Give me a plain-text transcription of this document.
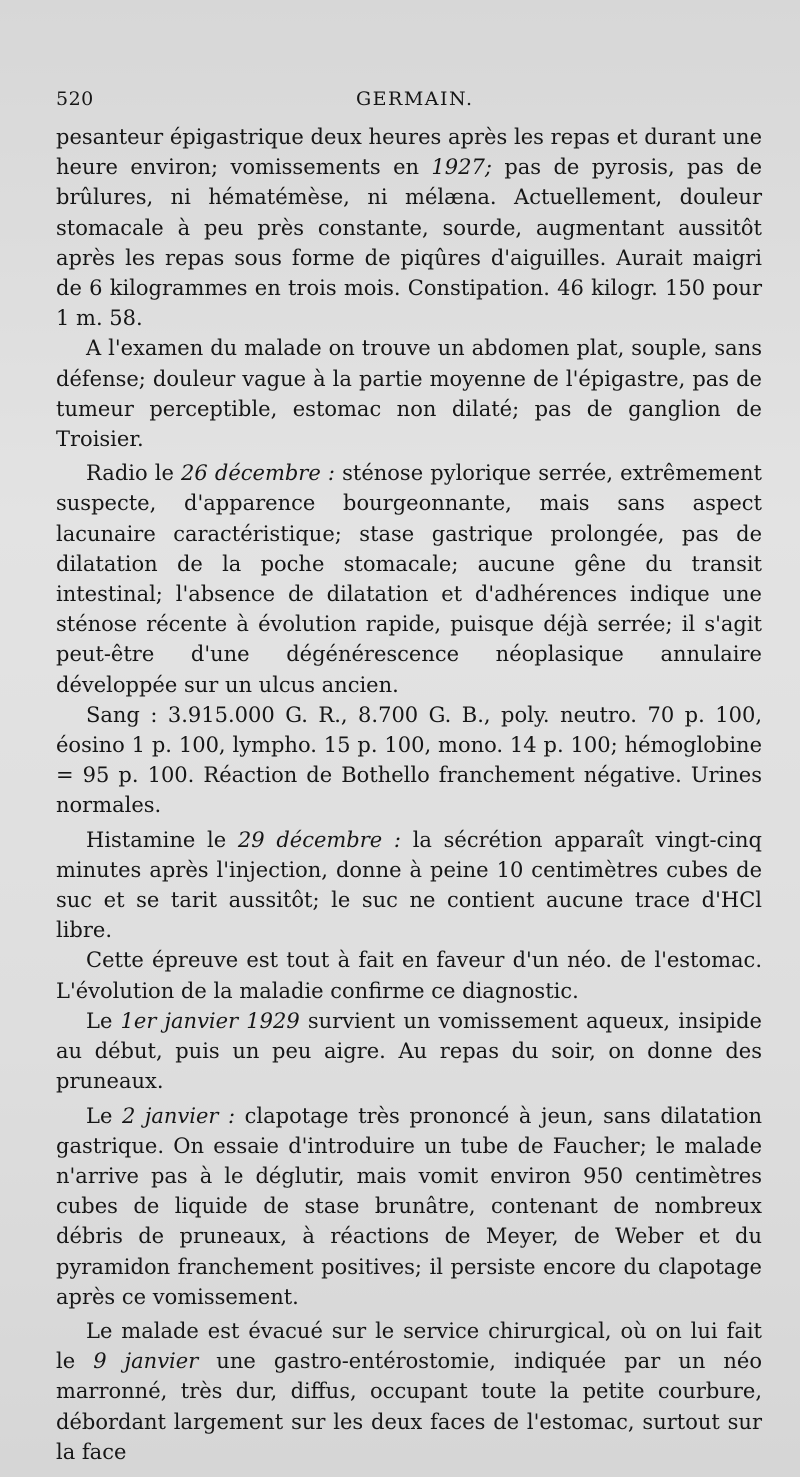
520	GERMAIN.

pesanteur épigastrique deux heures après les repas et durant une heure environ; vomissements en 1927; pas de pyrosis, pas de brûlures, ni hématémèse, ni mélæna. Actuellement, douleur stomacale à peu près constante, sourde, augmentant aussitôt après les repas sous forme de piqûres d'aiguilles. Aurait maigri de 6 kilogrammes en trois mois. Constipation. 46 kilogr. 150 pour 1 m. 58.

A l'examen du malade on trouve un abdomen plat, souple, sans défense; douleur vague à la partie moyenne de l'épigastre, pas de tumeur perceptible, estomac non dilaté; pas de ganglion de Troisier.

Radio le 26 décembre : sténose pylorique serrée, extrêmement suspecte, d'apparence bourgeonnante, mais sans aspect lacunaire caractéristique; stase gastrique prolongée, pas de dilatation de la poche stomacale; aucune gêne du transit intestinal; l'absence de dilatation et d'adhérences indique une sténose récente à évolution rapide, puisque déjà serrée; il s'agit peut-être d'une dégénérescence néoplasique annulaire développée sur un ulcus ancien.

Sang : 3.915.000 G. R., 8.700 G. B., poly. neutro. 70 p. 100, éosino 1 p. 100, lympho. 15 p. 100, mono. 14 p. 100; hémoglobine = 95 p. 100. Réaction de Bothello franchement négative. Urines normales.

Histamine le 29 décembre : la sécrétion apparaît vingt-cinq minutes après l'injection, donne à peine 10 centimètres cubes de suc et se tarit aussitôt; le suc ne contient aucune trace d'HCl libre.

Cette épreuve est tout à fait en faveur d'un néo. de l'estomac. L'évolution de la maladie confirme ce diagnostic.

Le 1er janvier 1929 survient un vomissement aqueux, insipide au début, puis un peu aigre. Au repas du soir, on donne des pruneaux.

Le 2 janvier : clapotage très prononcé à jeun, sans dilatation gastrique. On essaie d'introduire un tube de Faucher; le malade n'arrive pas à le déglutir, mais vomit environ 950 centimètres cubes de liquide de stase brunâtre, contenant de nombreux débris de pruneaux, à réactions de Meyer, de Weber et du pyramidon franchement positives; il persiste encore du clapotage après ce vomissement.

Le malade est évacué sur le service chirurgical, où on lui fait le 9 janvier une gastro-entérostomie, indiquée par un néo marronné, très dur, diffus, occupant toute la petite courbure, débordant largement sur les deux faces de l'estomac, surtout sur la face
